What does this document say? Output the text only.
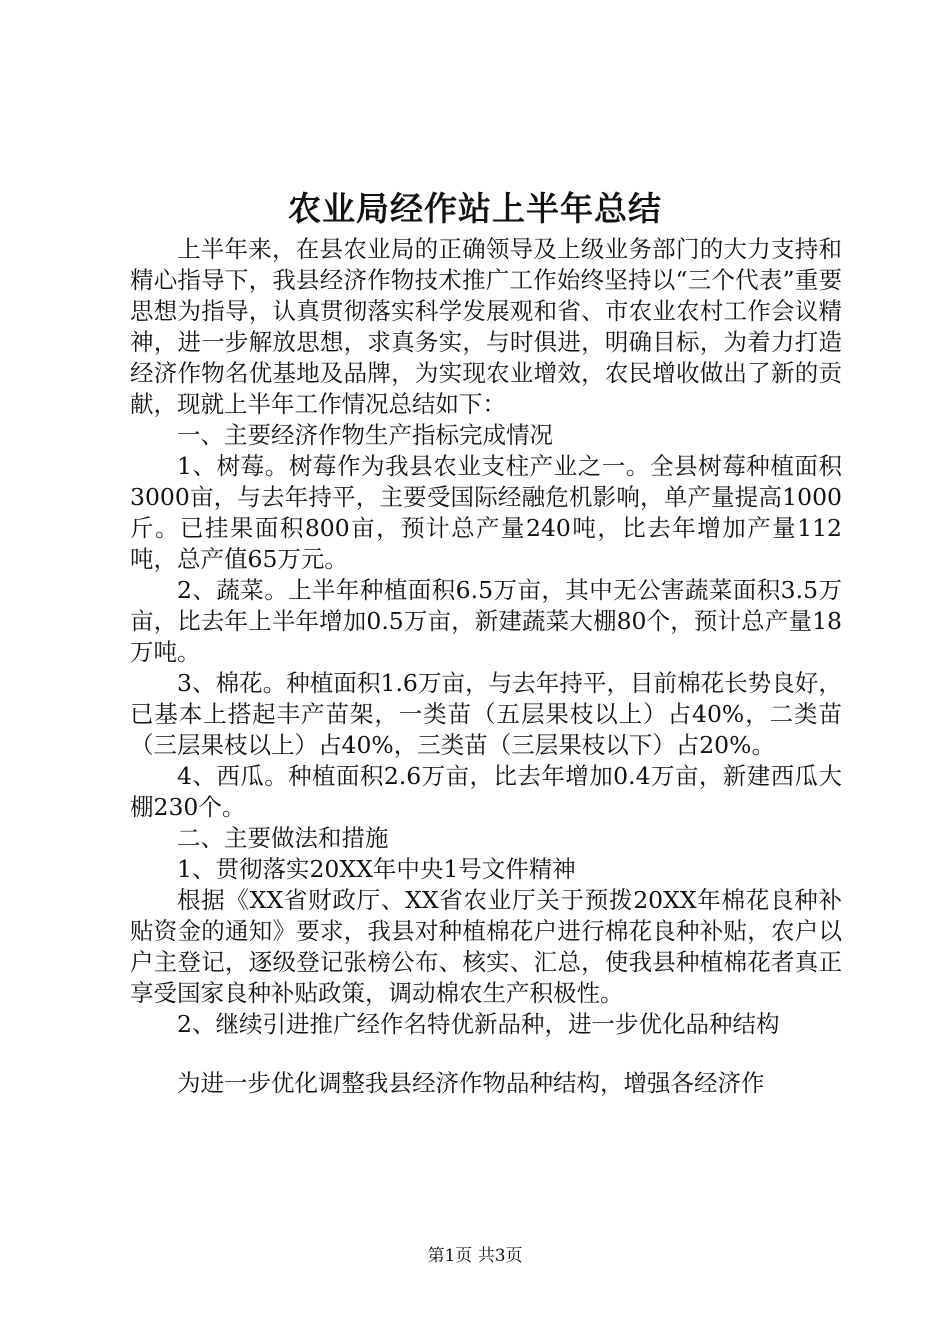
农业局经作站上半年总结

上半年来，在县农业局的正确领导及上级业务部门的大力支持和精心指导下，我县经济作物技术推广工作始终坚持以“三个代表”重要思想为指导，认真贯彻落实科学发展观和省、市农业农村工作会议精神，进一步解放思想，求真务实，与时俱进，明确目标，为着力打造经济作物名优基地及品牌，为实现农业增效，农民增收做出了新的贡献，现就上半年工作情况总结如下：

一、主要经济作物生产指标完成情况

1、树莓。树莓作为我县农业支柱产业之一。全县树莓种植面积3000亩，与去年持平，主要受国际经融危机影响，单产量提高1000斤。已挂果面积800亩，预计总产量240吨，比去年增加产量112吨，总产值65万元。

2、蔬菜。上半年种植面积6.5万亩，其中无公害蔬菜面积3.5万亩，比去年上半年增加0.5万亩，新建蔬菜大棚80个，预计总产量18万吨。

3、棉花。种植面积1.6万亩，与去年持平，目前棉花长势良好，已基本上搭起丰产苗架，一类苗（五层果枝以上）占40%，二类苗（三层果枝以上）占40%，三类苗（三层果枝以下）占20%。

4、西瓜。种植面积2.6万亩，比去年增加0.4万亩，新建西瓜大棚230个。

二、主要做法和措施

1、贯彻落实20XX年中央1号文件精神

根据《XX省财政厅、XX省农业厅关于预拨20XX年棉花良种补贴资金的通知》要求，我县对种植棉花户进行棉花良种补贴，农户以户主登记，逐级登记张榜公布、核实、汇总，使我县种植棉花者真正享受国家良种补贴政策，调动棉农生产积极性。

2、继续引进推广经作名特优新品种，进一步优化品种结构

为进一步优化调整我县经济作物品种结构，增强各经济作

第1页 共3页
